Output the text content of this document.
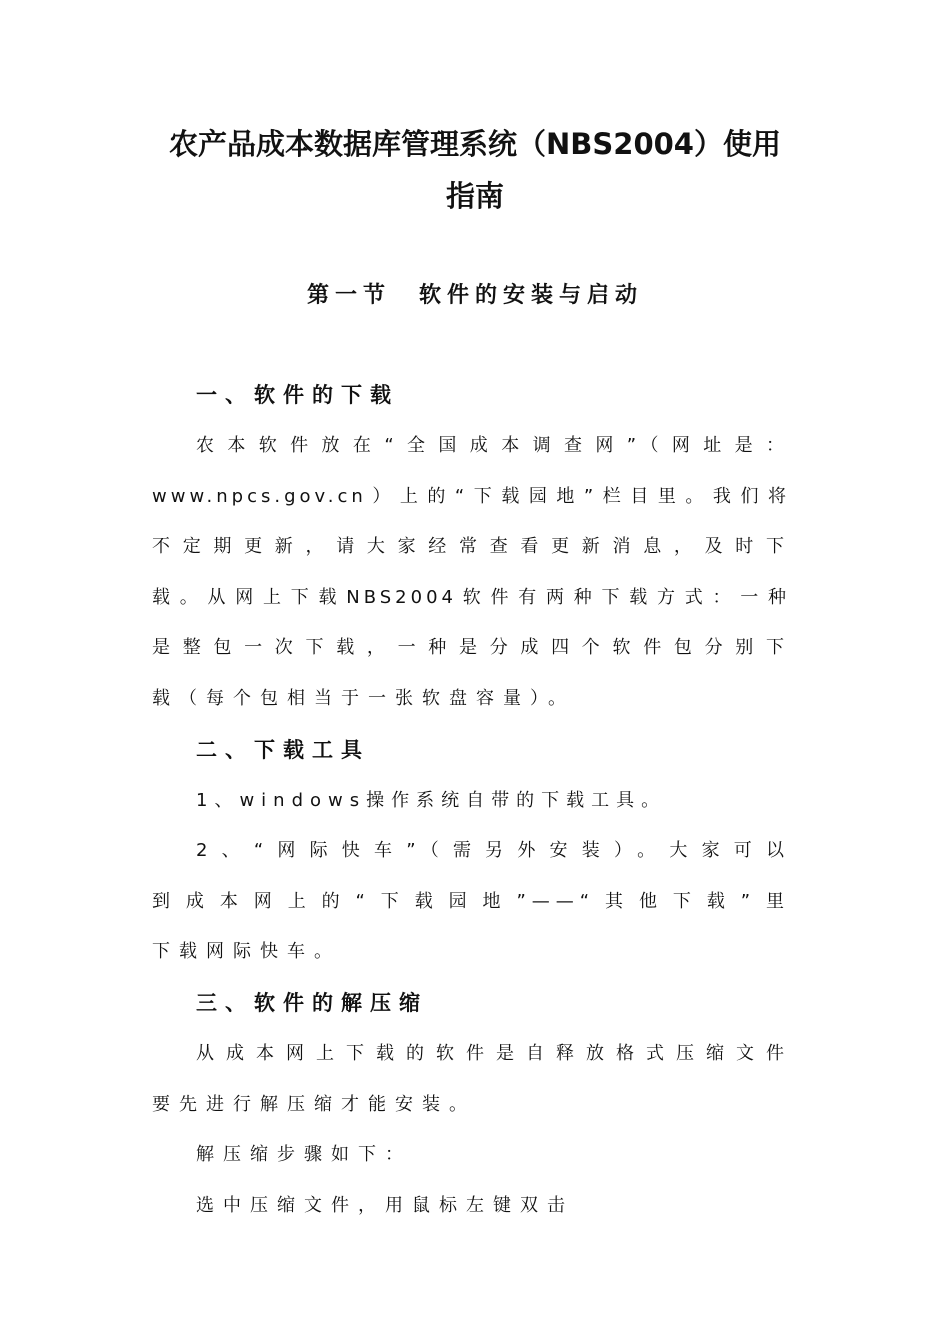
农产品成本数据库管理系统（NBS2004）使用
指南
第一节　软件的安装与启动
一、软件的下载
农本软件放在“全国成本调查网”（网址是：
www.npcs.gov.cn）上的“下载园地”栏目里。我们将
不定期更新，请大家经常查看更新消息，及时下
载。从网上下载NBS2004软件有两种下载方式：一种
是整包一次下载，一种是分成四个软件包分别下
载（每个包相当于一张软盘容量）。
二、下载工具
1、windows操作系统自带的下载工具。
2、“网际快车”（需另外安装）。大家可以
到成本网上的“下载园地”——“其他下载”里
下载网际快车。
三、软件的解压缩
从成本网上下载的软件是自释放格式压缩文件
要先进行解压缩才能安装。
解压缩步骤如下：
选中压缩文件，用鼠标左键双击
